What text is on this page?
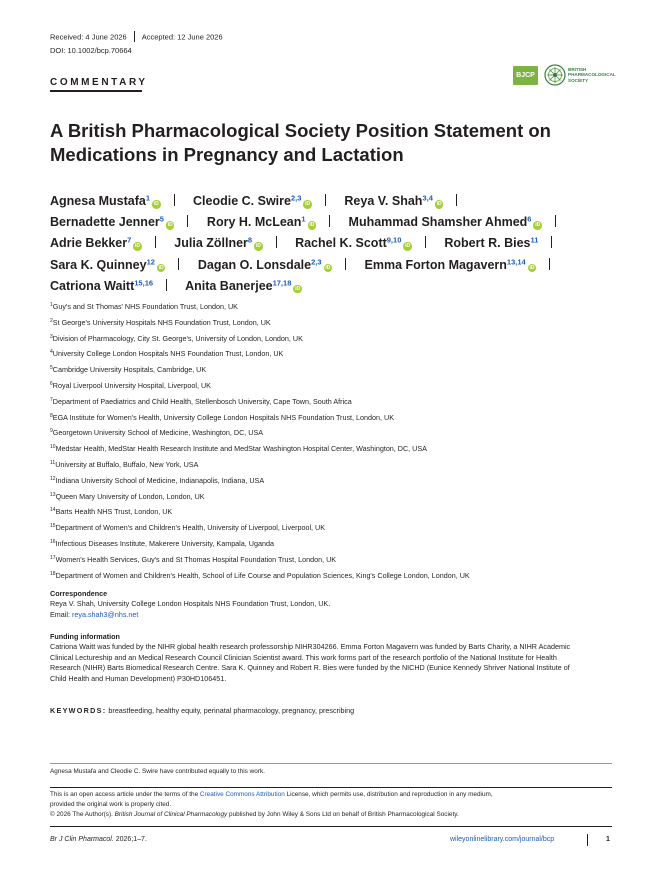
Received: 4 June 2026 Accepted: 12 June 2026
DOI: 10.1002/bcp.70664
COMMENTARY
BJCP
BRITISH
PHARMACOLOGICAL
SOCIETY
A British Pharmacological Society Position Statement on
Medications in Pregnancy and Lactation
Agnesa Mustafa$^1$iD	Cleodie C. Swire$^{2,3}$iD	Reya V. Shah$^{3,4}$iD
Bernadette Jenner$^5$iD	Rory H. McLean$^1$iD	Muhammad Shamsher Ahmed$^6$iD
Adrie Bekker$^7$iD	Julia Zöllner$^8$iD	Rachel K. Scott$^{9,10}$iD	Robert R. Bies$^{11}$
Sara K. Quinney$^{12}$iD	Dagan O. Lonsdale$^{2,3}$iD	Emma Forton Magavern$^{13,14}$iD
Catriona Waitt$^{15,16}$	Anita Banerjee$^{17,18}$iD
$^1$Guy's and St Thomas' NHS Foundation Trust, London, UK
$^2$St George's University Hospitals NHS Foundation Trust, London, UK
$^3$Division of Pharmacology, City St. George's, University of London, London, UK
$^4$University College London Hospitals NHS Foundation Trust, London, UK
$^5$Cambridge University Hospitals, Cambridge, UK
$^6$Royal Liverpool University Hospital, Liverpool, UK
$^7$Department of Paediatrics and Child Health, Stellenbosch University, Cape Town, South Africa
$^8$EGA Institute for Women's Health, University College London Hospitals NHS Foundation Trust, London, UK
$^9$Georgetown University School of Medicine, Washington, DC, USA
$^{10}$Medstar Health, MedStar Health Research Institute and MedStar Washington Hospital Center, Washington, DC, USA
$^{11}$University at Buffalo, Buffalo, New York, USA
$^{12}$Indiana University School of Medicine, Indianapolis, Indiana, USA
$^{13}$Queen Mary University of London, London, UK
$^{14}$Barts Health NHS Trust, London, UK
$^{15}$Department of Women's and Children's Health, University of Liverpool, Liverpool, UK
$^{16}$Infectious Diseases Institute, Makerere University, Kampala, Uganda
$^{17}$Women's Health Services, Guy's and St Thomas Hospital Foundation Trust, London, UK
$^{18}$Department of Women and Children's Health, School of Life Course and Population Sciences, King's College London, London, UK
Correspondence
Reya V. Shah, University College London Hospitals NHS Foundation Trust, London, UK.
Email: reya.shah3@nhs.net
Funding information
Catriona Waitt was funded by the NIHR global health research professorship NIHR304266. Emma Forton Magavern was funded by Barts Charity, a NIHR Academic
Clinical Lectureship and an Medical Research Council Clinician Scientist award. This work forms part of the research portfolio of the National Institute for Health
Research (NIHR) Barts Biomedical Research Centre. Sara K. Quinney and Robert R. Bies were funded by the NICHD (Eunice Kennedy Shriver National Institute of
Child Health and Human Development) P30HD106451.
KEYWORDS: breastfeeding, healthy equity, perinatal pharmacology, pregnancy, prescribing
Agnesa Mustafa and Cleodie C. Swire have contributed equally to this work.
This is an open access article under the terms of the Creative Commons Attribution License, which permits use, distribution and reproduction in any medium,
provided the original work is properly cited.
© 2026 The Author(s). British Journal of Clinical Pharmacology published by John Wiley & Sons Ltd on behalf of British Pharmacological Society.
Br J Clin Pharmacol. 2026;1–7.	wileyonlinelibrary.com/journal/bcp	1
